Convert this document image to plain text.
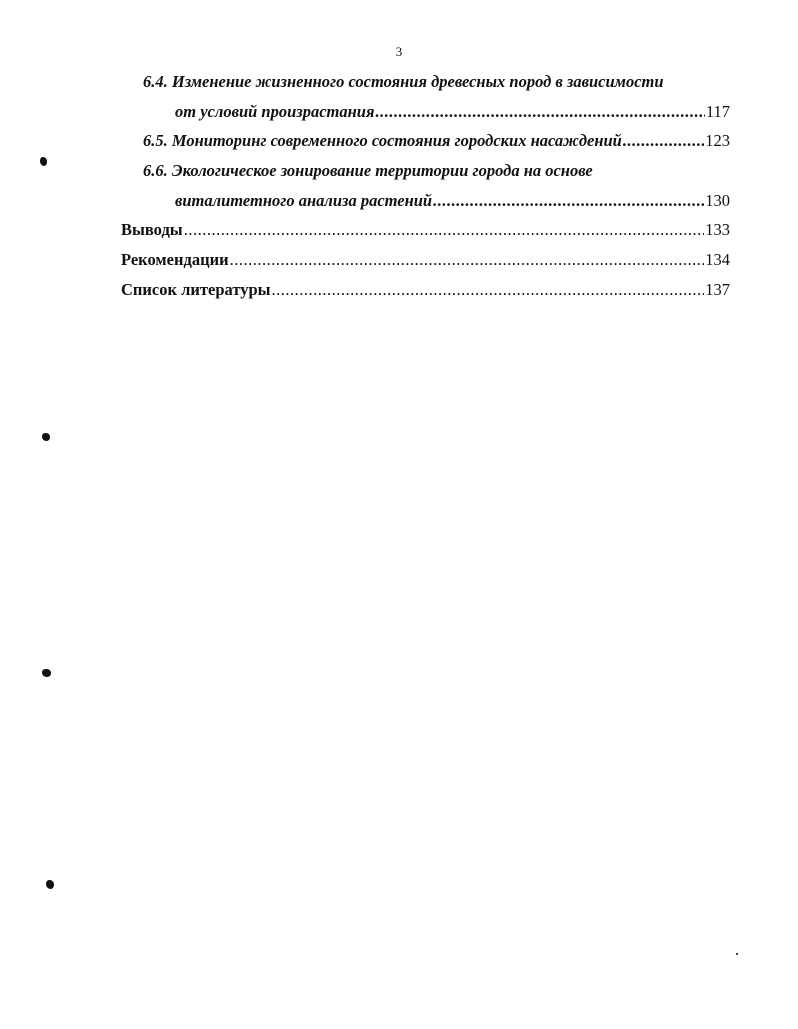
3
6.4. Изменение жизненного состояния древесных пород в зависимости
от условий произрастания .....	117
6.5. Мониторинг современного состояния городских насаждений .....	123
6.6. Экологическое зонирование территории города на основе
виталитетного анализа растений .....	130
Выводы .....	133
Рекомендации .....	134
Список литературы .....	137
